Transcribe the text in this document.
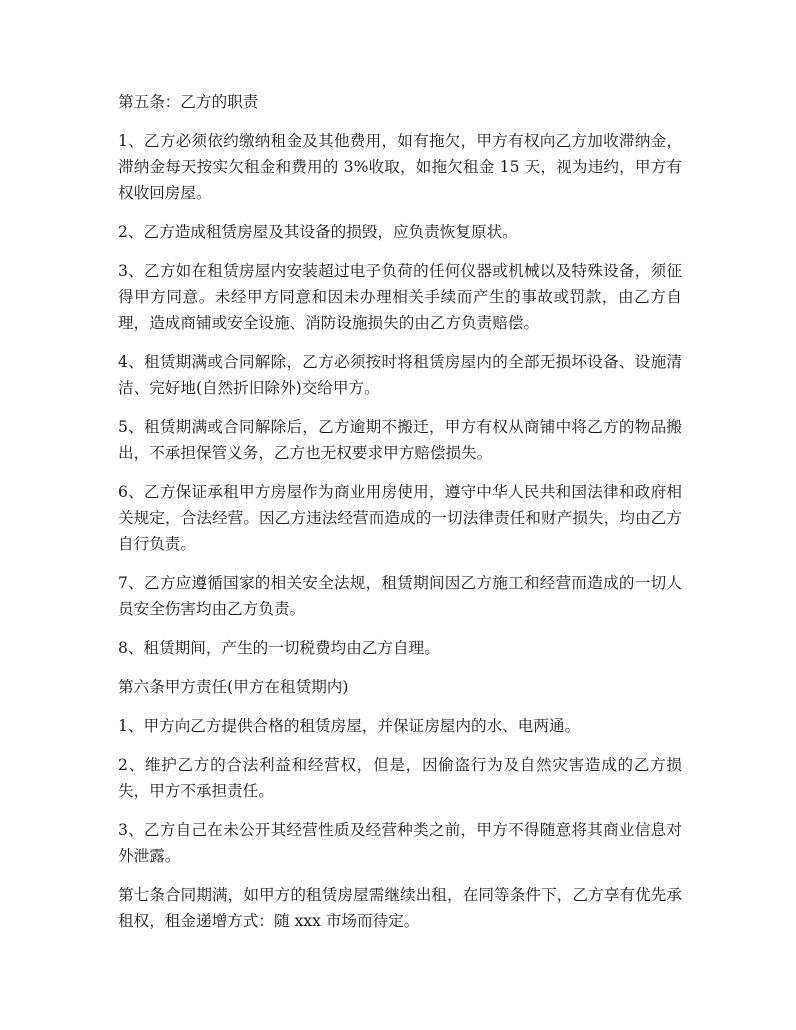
第五条：乙方的职责

1、乙方必须依约缴纳租金及其他费用，如有拖欠，甲方有权向乙方加收滞纳金，滞纳金每天按实欠租金和费用的 3%收取，如拖欠租金 15 天，视为违约，甲方有权收回房屋。

2、乙方造成租赁房屋及其设备的损毁，应负责恢复原状。

3、乙方如在租赁房屋内安装超过电子负荷的任何仪器或机械以及特殊设备，须征得甲方同意。未经甲方同意和因未办理相关手续而产生的事故或罚款，由乙方自理，造成商铺或安全设施、消防设施损失的由乙方负责赔偿。

4、租赁期满或合同解除，乙方必须按时将租赁房屋内的全部无损坏设备、设施清洁、完好地(自然折旧除外)交给甲方。

5、租赁期满或合同解除后，乙方逾期不搬迁，甲方有权从商铺中将乙方的物品搬出，不承担保管义务，乙方也无权要求甲方赔偿损失。

6、乙方保证承租甲方房屋作为商业用房使用，遵守中华人民共和国法律和政府相关规定，合法经营。因乙方违法经营而造成的一切法律责任和财产损失，均由乙方自行负责。

7、乙方应遵循国家的相关安全法规，租赁期间因乙方施工和经营而造成的一切人员安全伤害均由乙方负责。

8、租赁期间，产生的一切税费均由乙方自理。

第六条甲方责任(甲方在租赁期内)

1、甲方向乙方提供合格的租赁房屋，并保证房屋内的水、电两通。

2、维护乙方的合法利益和经营权，但是，因偷盗行为及自然灾害造成的乙方损失，甲方不承担责任。

3、乙方自己在未公开其经营性质及经营种类之前，甲方不得随意将其商业信息对外泄露。

第七条合同期满，如甲方的租赁房屋需继续出租，在同等条件下，乙方享有优先承租权，租金递增方式：随 xxx 市场而待定。
